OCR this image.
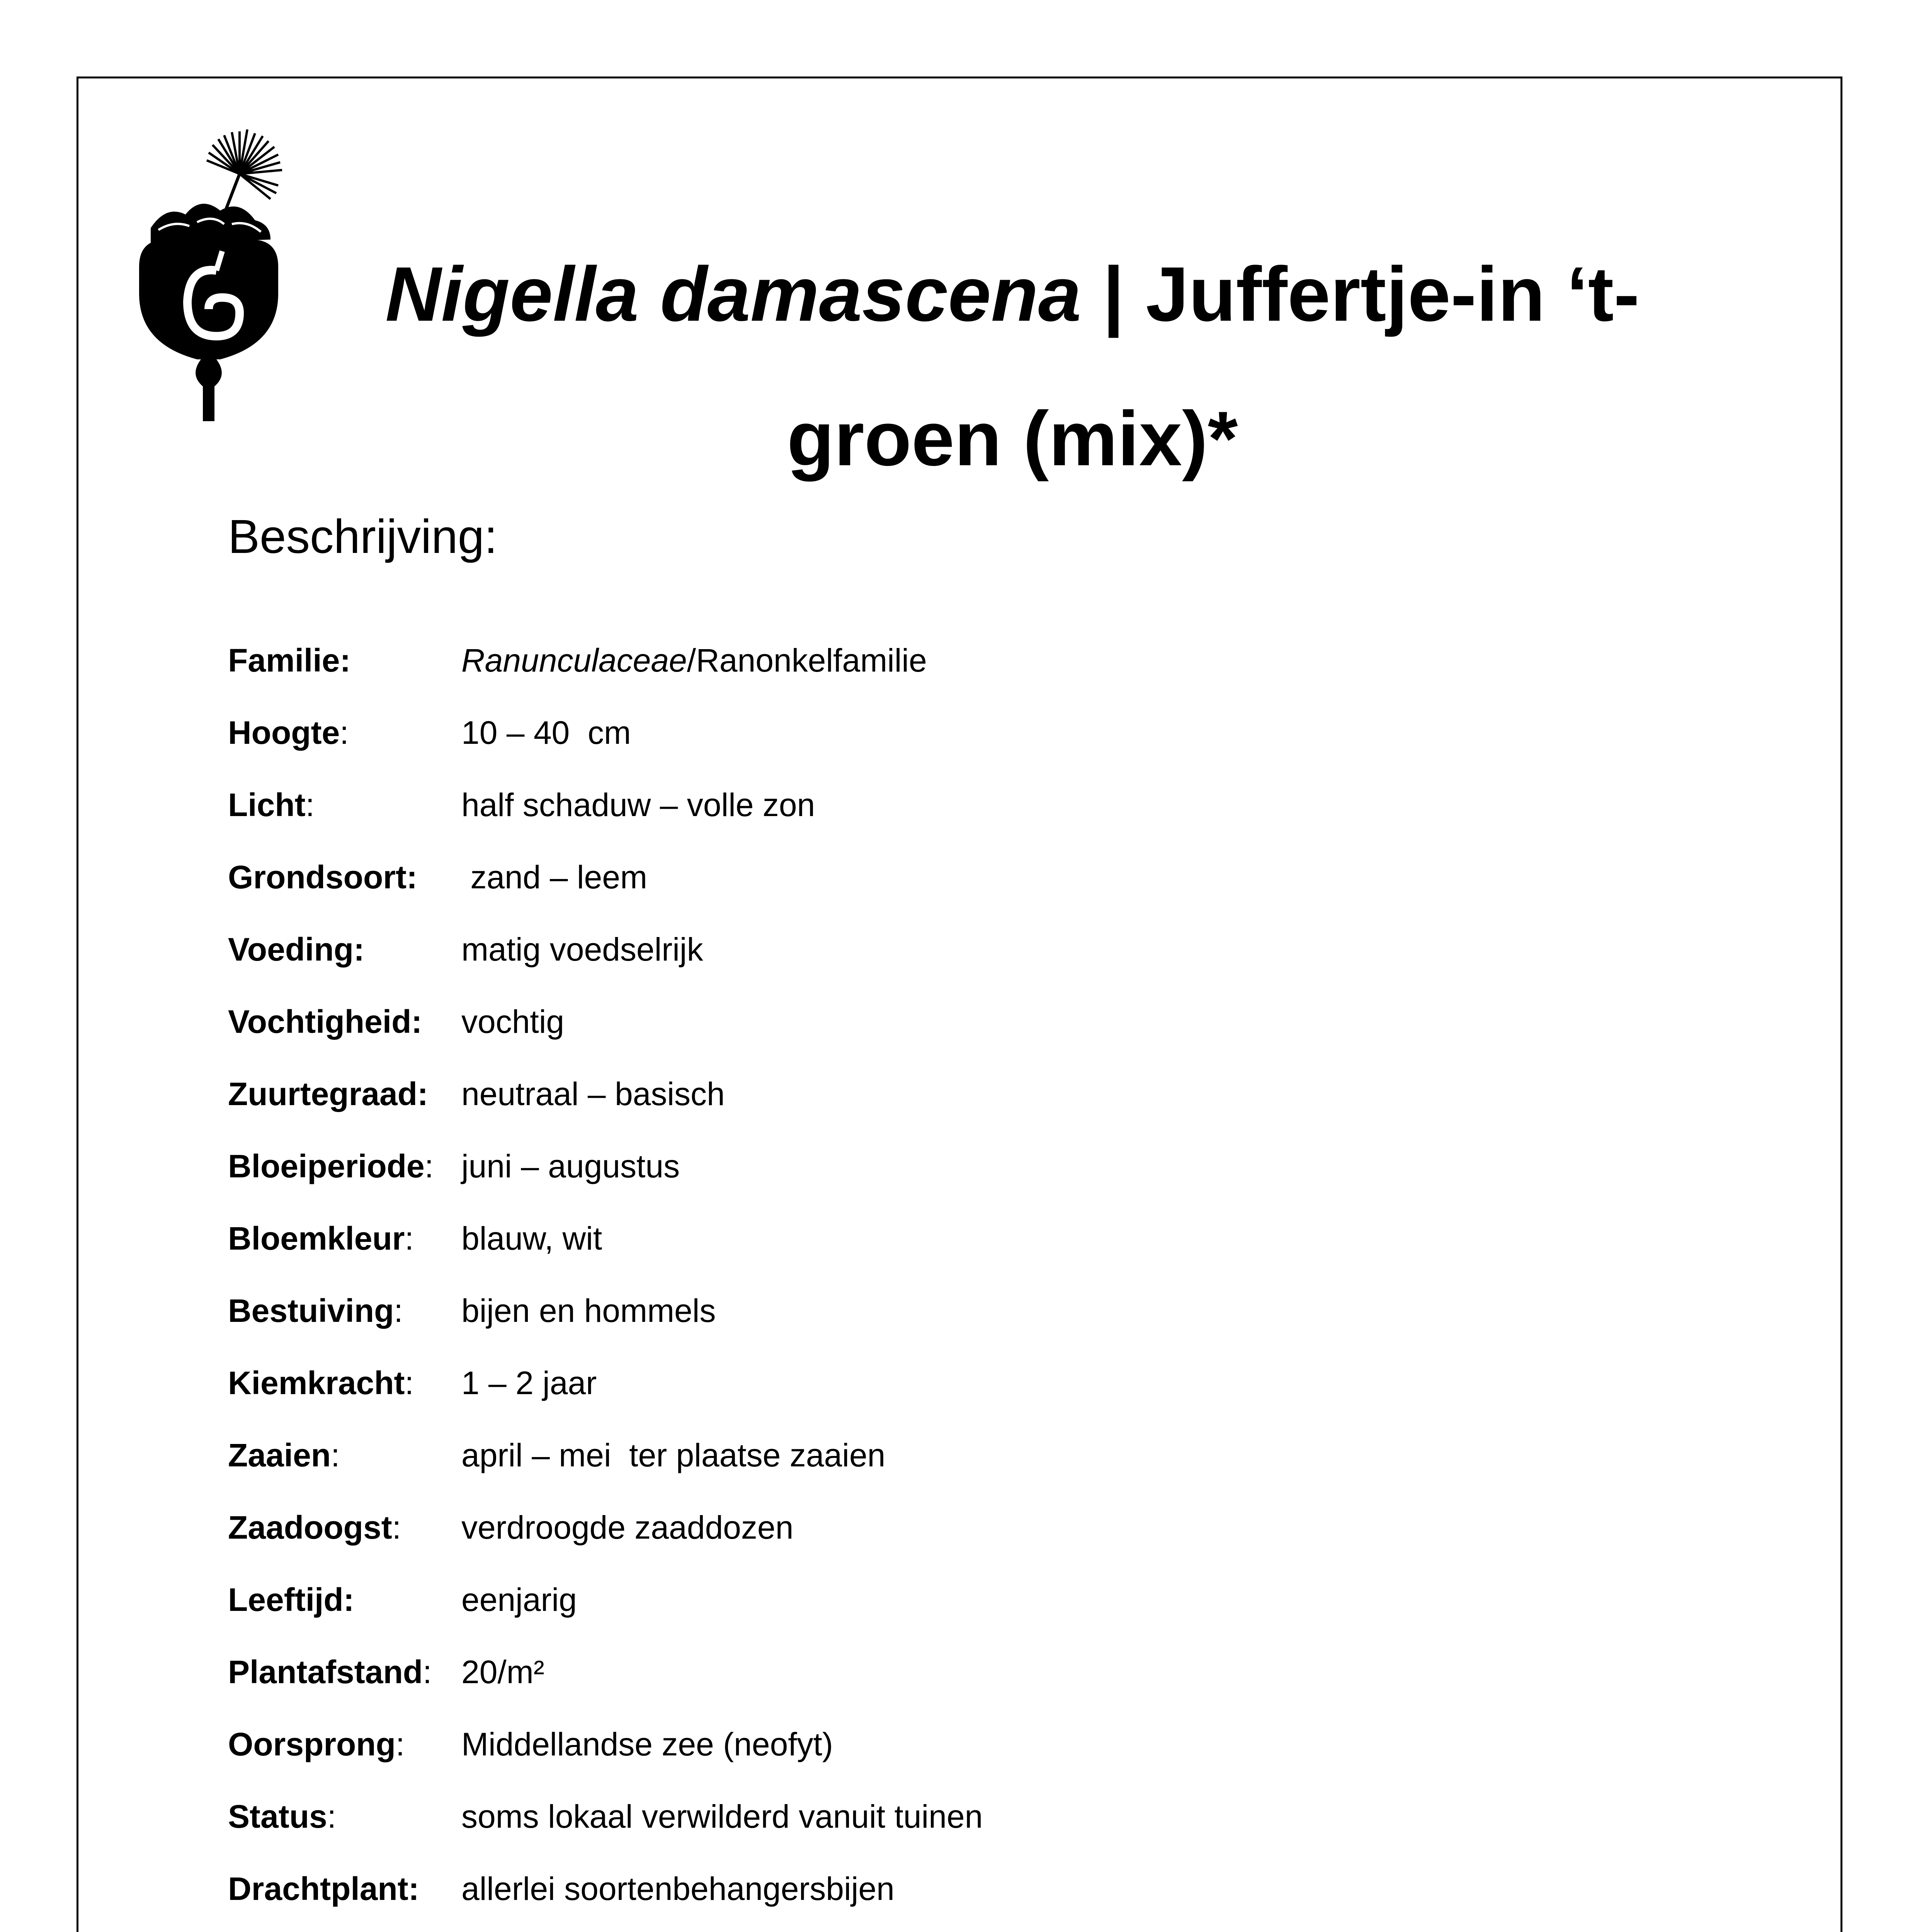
Nigella damascena | Juffertje-in ‘t-groen (mix)*
Beschrijving:
Familie:	Ranunculaceae/Ranonkelfamilie
Hoogte:	10 – 40  cm
Licht:	half schaduw – volle zon
Grondsoort: zand – leem
Voeding:	matig voedselrijk
Vochtigheid: vochtig
Zuurtegraad: neutraal – basisch
Bloeiperiode: juni – augustus
Bloemkleur: blauw, wit
Bestuiving: bijen en hommels
Kiemkracht: 1 – 2 jaar
Zaaien:	april – mei  ter plaatse zaaien
Zaadoogst: verdroogde zaaddozen
Leeftijd:	eenjarig
Plantafstand: 20/m²
Oorsprong: Middellandse zee (neofyt)
Status:	soms lokaal verwilderd vanuit tuinen
Drachtplant: allerlei soortenbehangersbijen
